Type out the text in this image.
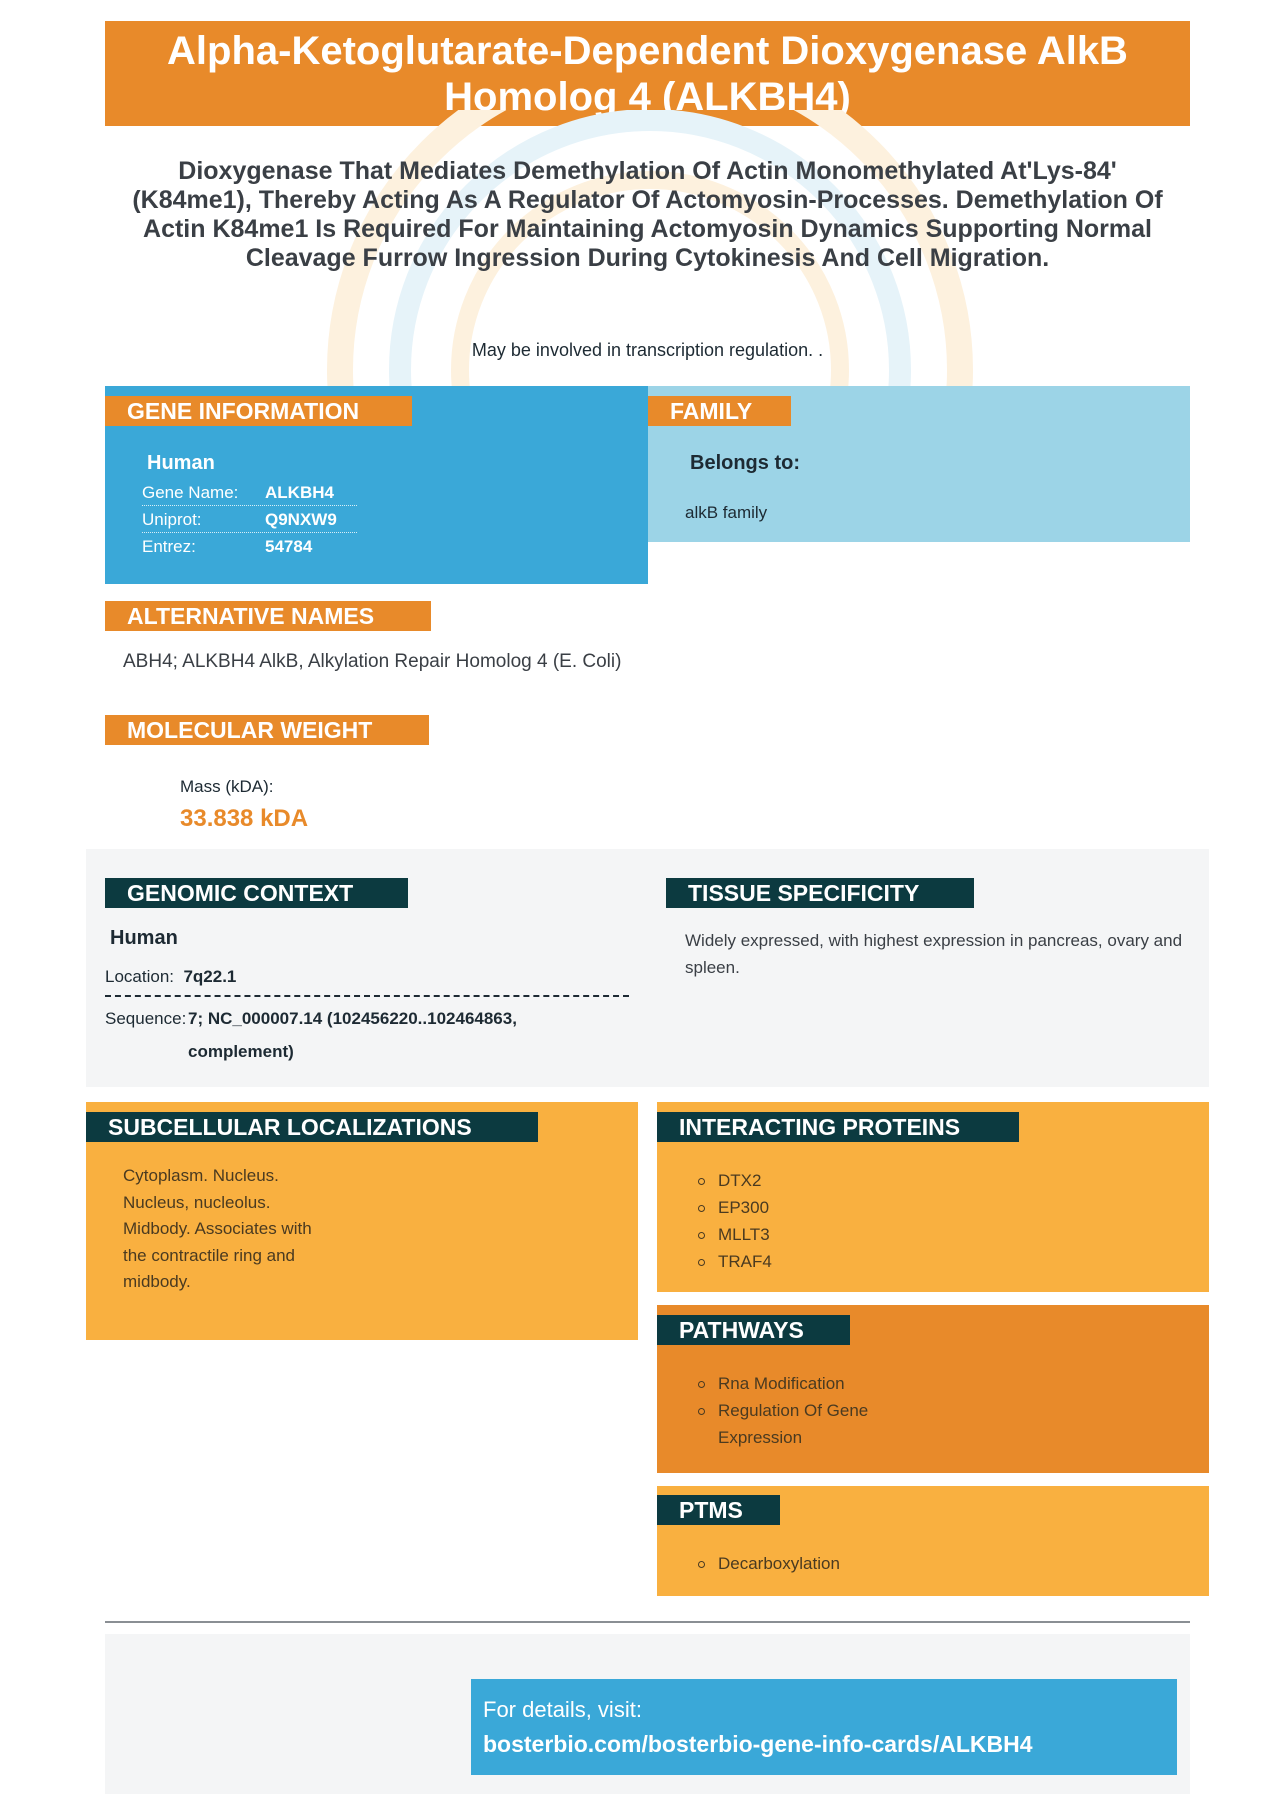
Alpha-Ketoglutarate-Dependent Dioxygenase AlkB Homolog 4 (ALKBH4)
Dioxygenase That Mediates Demethylation Of Actin Monomethylated At'Lys-84' (K84me1), Thereby Acting As A Regulator Of Actomyosin-Processes. Demethylation Of Actin K84me1 Is Required For Maintaining Actomyosin Dynamics Supporting Normal Cleavage Furrow Ingression During Cytokinesis And Cell Migration.
May be involved in transcription regulation. .
GENE INFORMATION
Human
Gene Name: ALKBH4
Uniprot:	Q9NXW9
Entrez:	54784
FAMILY
Belongs to:
alkB family
ALTERNATIVE NAMES
ABH4; ALKBH4 AlkB, Alkylation Repair Homolog 4 (E. Coli)
MOLECULAR WEIGHT
Mass (kDA):
33.838 kDA
GENOMIC CONTEXT
Human
Location: 7q22.1
Sequence: 7; NC_000007.14 (102456220..102464863, complement)
TISSUE SPECIFICITY
Widely expressed, with highest expression in pancreas, ovary and spleen.
SUBCELLULAR LOCALIZATIONS
Cytoplasm. Nucleus. Nucleus, nucleolus. Midbody. Associates with the contractile ring and midbody.
INTERACTING PROTEINS
DTX2
EP300
MLLT3
TRAF4
PATHWAYS
Rna Modification
Regulation Of Gene Expression
PTMS
Decarboxylation
For details, visit:
bosterbio.com/bosterbio-gene-info-cards/ALKBH4
